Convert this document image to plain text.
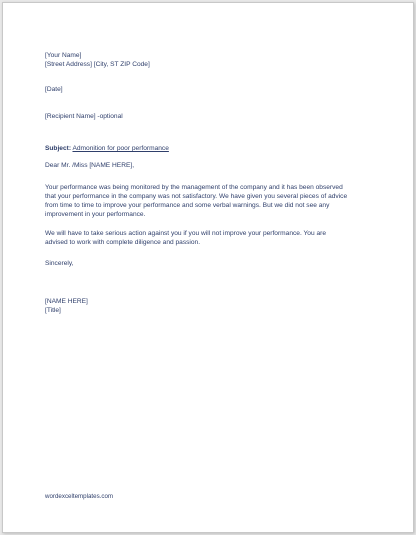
[Your Name]
[Street Address] [City, ST ZIP Code]
[Date]
[Recipient Name] -optional
Subject: Admonition for poor performance
Dear Mr. /Miss [NAME HERE],
Your performance was being monitored by the management of the company and it has been observed
that your performance in the company was not satisfactory. We have given you several pieces of advice
from time to time to improve your performance and some verbal warnings. But we did not see any
improvement in your performance.
We will have to take serious action against you if you will not improve your performance. You are
advised to work with complete diligence and passion.
Sincerely,
[NAME HERE]
[Title]
wordexceltemplates.com
